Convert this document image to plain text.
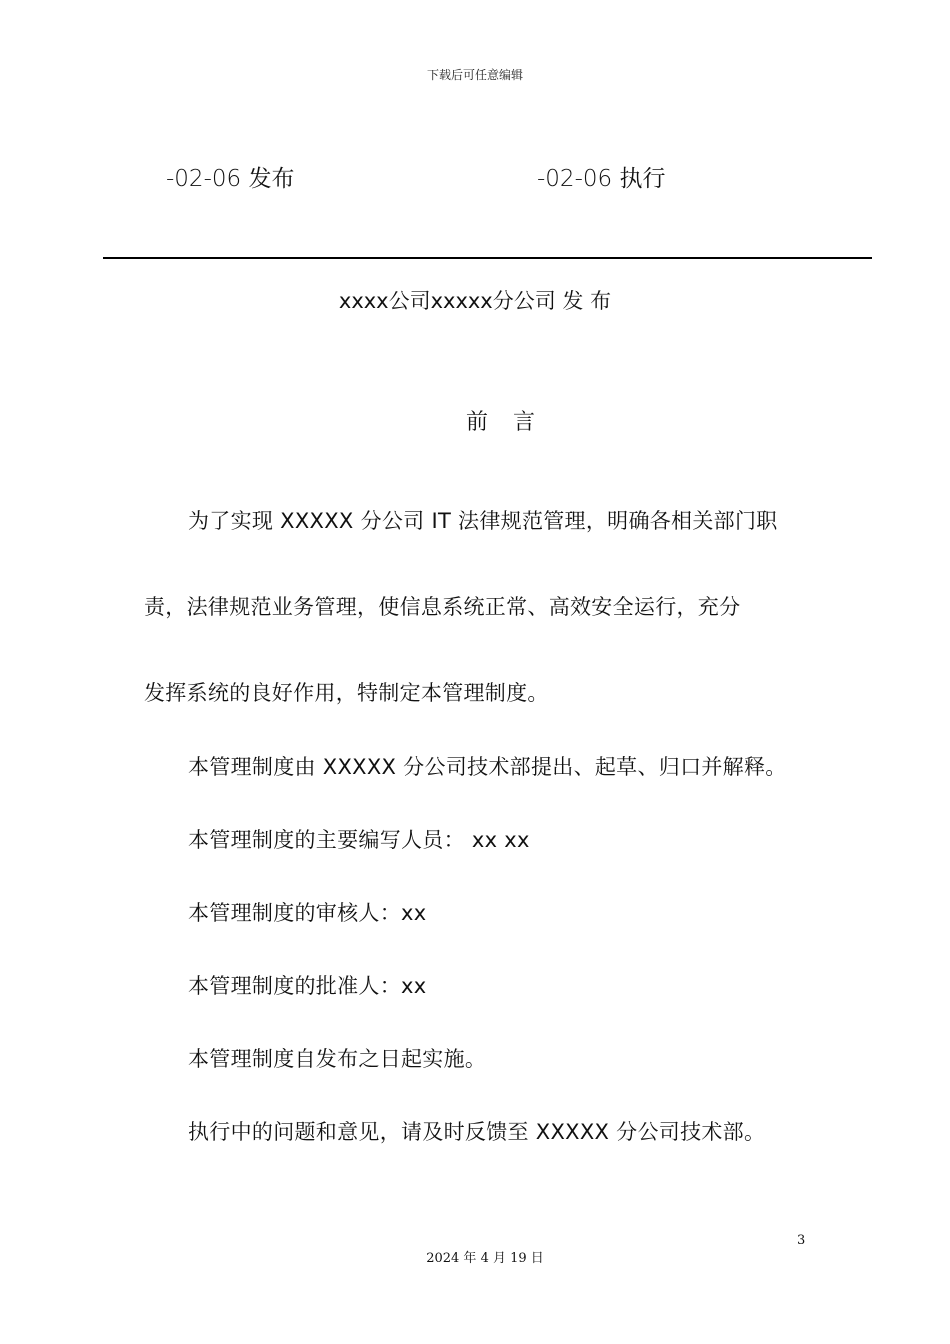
下载后可任意编辑
-02-06 发布	-02-06 执行
xxxx公司xxxxx分公司 发 布
前言
为了实现 XXXXX 分公司 IT 法律规范管理，明确各相关部门职
责，法律规范业务管理，使信息系统正常、高效安全运行，充分
发挥系统的良好作用，特制定本管理制度。
本管理制度由 XXXXX 分公司技术部提出、起草、归口并解释。
本管理制度的主要编写人员： xx xx
本管理制度的审核人：xx
本管理制度的批准人：xx
本管理制度自发布之日起实施。
执行中的问题和意见，请及时反馈至 XXXXX 分公司技术部。
3
2024 年 4 月 19 日
